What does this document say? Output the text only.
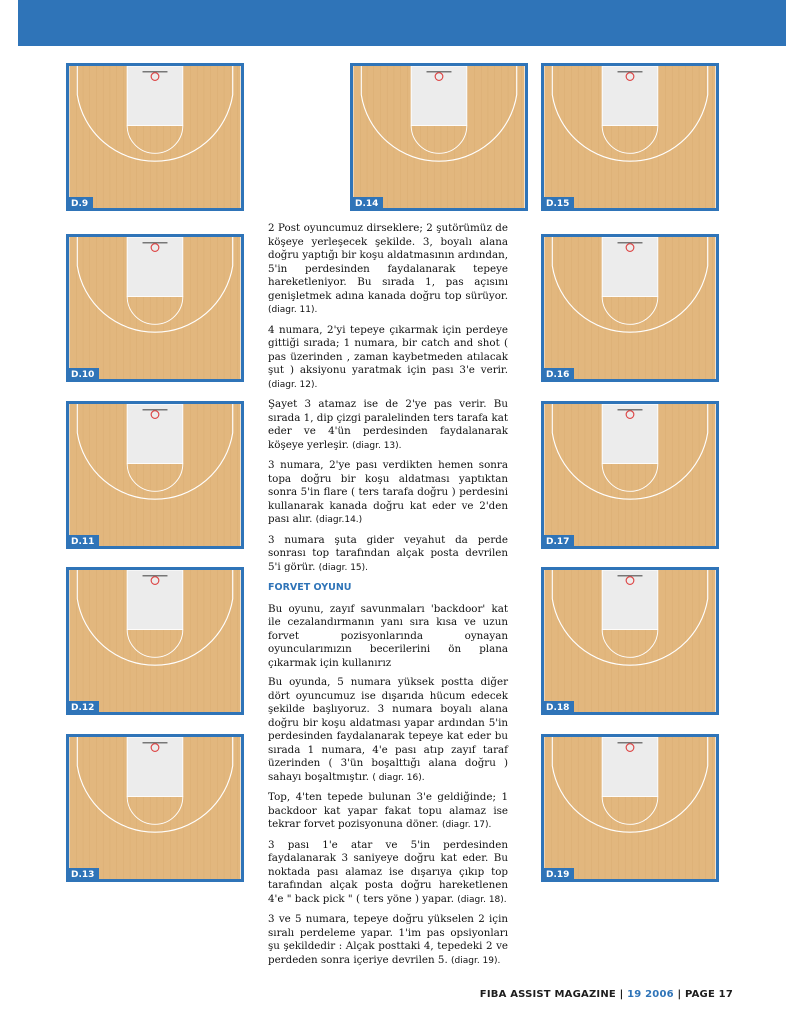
D.9
D.10
D.11
D.12
D.13
D.14	D.15
D.16
D.17
D.18
D.19

2 Post oyuncumuz dirseklere; 2 şutörümüz de köşeye yerleşecek şekilde. 3, boyalı alana doğru yaptığı bir koşu aldatmasının ardından, 5'in perdesinden faydalanarak tepeye hareketleniyor. Bu sırada 1, pas açısını genişletmek adına kanada doğru top sürüyor. (diagr. 11).

4 numara, 2'yi tepeye çıkarmak için perdeye gittiği sırada; 1 numara, bir catch and shot ( pas üzerinden , zaman kaybetmeden atılacak şut ) aksiyonu yaratmak için pası 3'e verir. (diagr. 12).

Şayet 3 atamaz ise de 2'ye pas verir. Bu sırada 1, dip çizgi paralelinden ters tarafa kat eder ve 4'ün perdesinden faydalanarak köşeye yerleşir. (diagr. 13).

3 numara, 2'ye pası verdikten hemen sonra topa doğru bir koşu aldatması yaptıktan sonra 5'in flare ( ters tarafa doğru ) perdesini kullanarak kanada doğru kat eder ve 2'den pası alır. (diagr.14.)

3 numara şuta gider veyahut da perde sonrası top tarafından alçak posta devrilen 5'i görür. (diagr. 15).

FORVET OYUNU

Bu oyunu, zayıf savunmaları 'backdoor' kat ile cezalandırmanın yanı sıra kısa ve uzun forvet pozisyonlarında oynayan oyuncularımızın becerilerini ön plana çıkarmak için kullanırız

Bu oyunda, 5 numara yüksek postta diğer dört oyuncumuz ise dışarıda hücum edecek şekilde başlıyoruz. 3 numara boyalı alana doğru bir koşu aldatması yapar ardından 5'in perdesinden faydalanarak tepeye kat eder bu sırada 1 numara, 4'e pası atıp zayıf taraf üzerinden ( 3'ün boşalttığı alana doğru ) sahayı boşaltmıştır. ( diagr. 16).

Top, 4'ten tepede bulunan 3'e geldiğinde; 1 backdoor kat yapar fakat topu alamaz ise tekrar forvet pozisyonuna döner. (diagr. 17).

3 pası 1'e atar ve 5'in perdesinden faydalanarak 3 saniyeye doğru kat eder. Bu noktada pası alamaz ise dışarıya çıkıp top tarafından alçak posta doğru hareketlenen 4'e " back pick " ( ters yöne ) yapar. (diagr. 18).

3 ve 5 numara, tepeye doğru yükselen 2 için sıralı perdeleme yapar. 1'im pas opsiyonları şu şekildedir : Alçak posttaki 4, tepedeki 2 ve perdeden sonra içeriye devrilen 5. (diagr. 19).

FIBA ASSIST MAGAZINE | 19 2006 | PAGE 17
